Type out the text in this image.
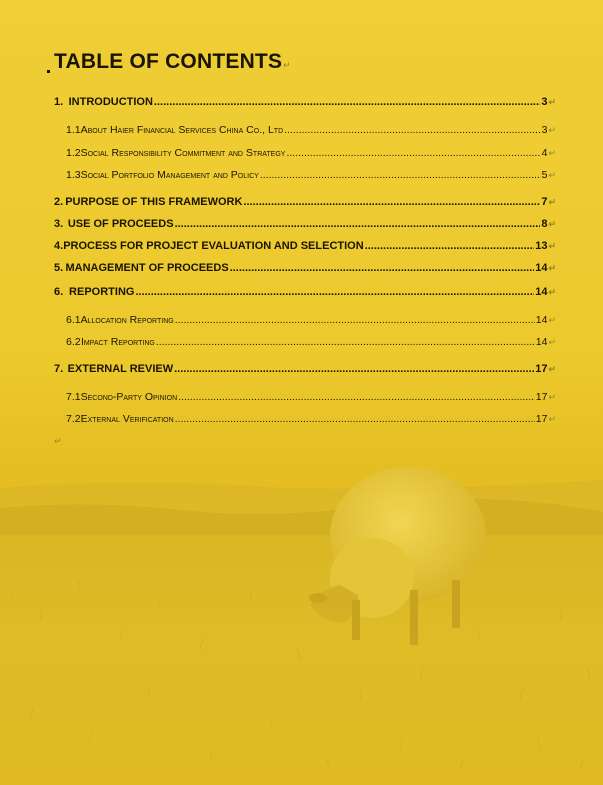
TABLE OF CONTENTS↵
1. INTRODUCTION .....	3 ↵
1.1 About Haier Financial Services China Co., Ltd .....	3 ↵
1.2 Social Responsibility Commitment and Strategy .....	4 ↵
1.3 Social Portfolio Management and Policy .....	5 ↵
2. PURPOSE OF THIS FRAMEWORK .....	7 ↵
3. USE OF PROCEEDS .....	8 ↵
4. PROCESS FOR PROJECT EVALUATION AND SELECTION .....	13 ↵
5. MANAGEMENT OF PROCEEDS .....	14 ↵
6. REPORTING .....	14 ↵
6.1 Allocation Reporting .....	14 ↵
6.2 Impact Reporting .....	14 ↵
7. EXTERNAL REVIEW .....	17 ↵
7.1 Second-Party Opinion .....	17 ↵
7.2 External Verification .....	17 ↵
↵
